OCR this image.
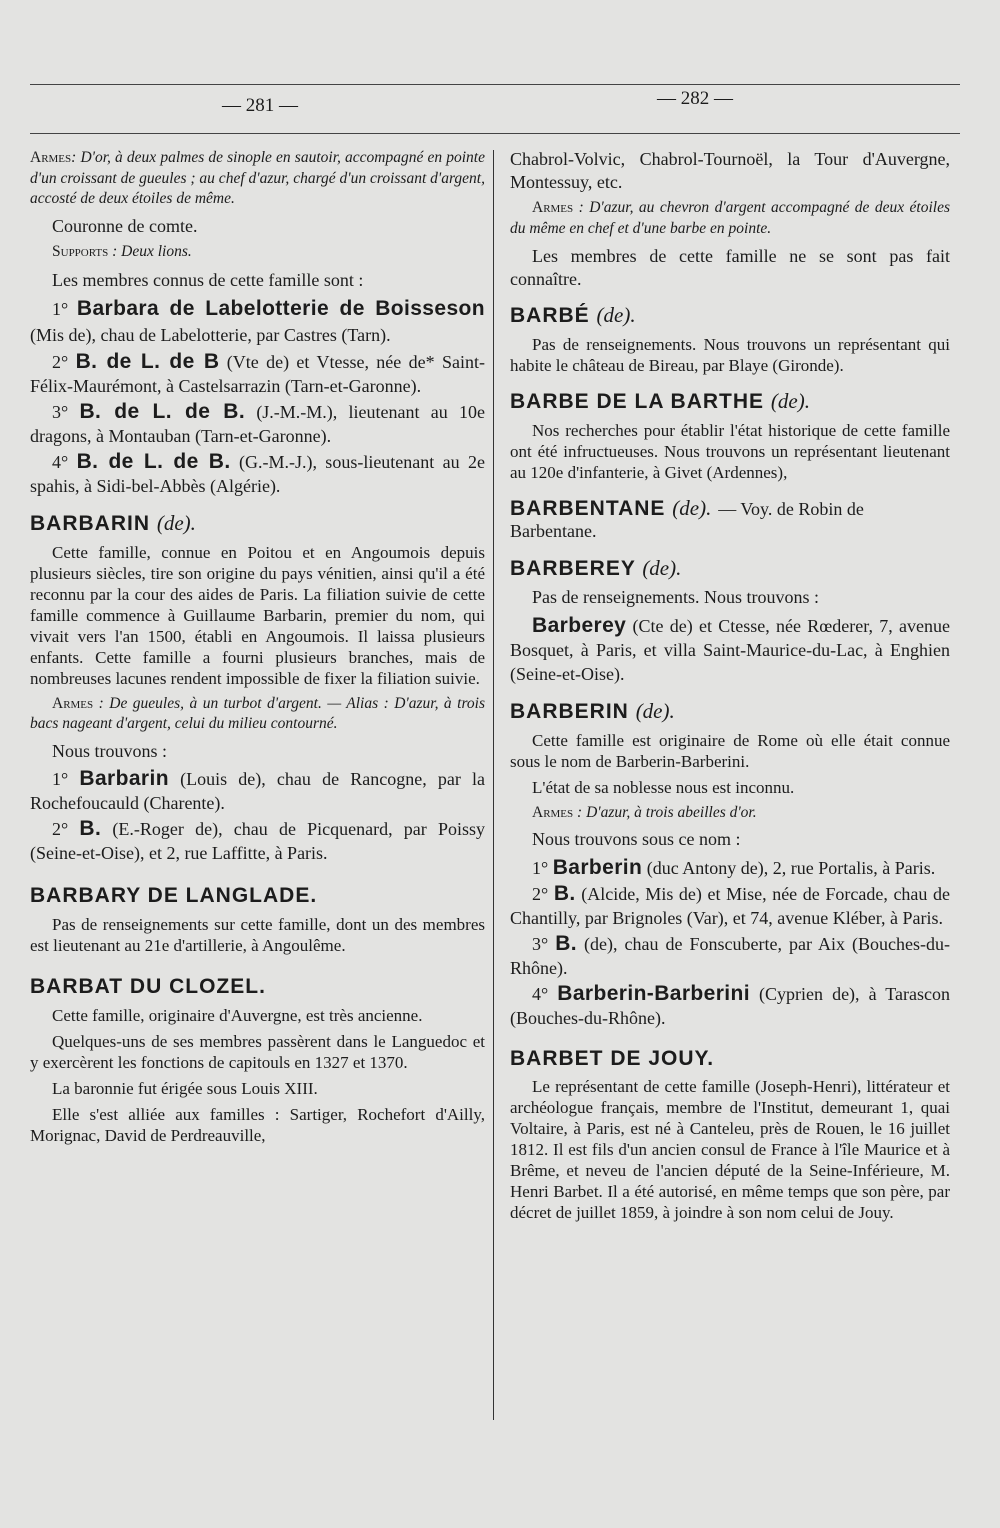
— 281 —	— 282 —

Armes: D'or, à deux palmes de sinople en sautoir, accompagné en pointe d'un croissant de gueules ; au chef d'azur, chargé d'un croissant d'argent, accosté de deux étoiles de même.

Couronne de comte.

Supports : Deux lions.

Les membres connus de cette famille sont :

1° Barbara de Labelotterie de Boisseson (Mis de), chau de Labelotterie, par Castres (Tarn).

2° B. de L. de B (Vte de) et Vtesse, née de* Saint-Félix-Maurémont, à Castelsarrazin (Tarn-et-Garonne).

3° B. de L. de B. (J.-M.-M.), lieutenant au 10e dragons, à Montauban (Tarn-et-Garonne).

4° B. de L. de B. (G.-M.-J.), sous-lieutenant au 2e spahis, à Sidi-bel-Abbès (Algérie).

BARBARIN (de).

Cette famille, connue en Poitou et en Angoumois depuis plusieurs siècles, tire son origine du pays vénitien, ainsi qu'il a été reconnu par la cour des aides de Paris. La filiation suivie de cette famille commence à Guillaume Barbarin, premier du nom, qui vivait vers l'an 1500, établi en Angoumois. Il laissa plusieurs enfants. Cette famille a fourni plusieurs branches, mais de nombreuses lacunes rendent impossible de fixer la filiation suivie.

Armes : De gueules, à un turbot d'argent. — Alias : D'azur, à trois bacs nageant d'argent, celui du milieu contourné.

Nous trouvons :

1° Barbarin (Louis de), chau de Rancogne, par la Rochefoucauld (Charente).

2° B. (E.-Roger de), chau de Picquenard, par Poissy (Seine-et-Oise), et 2, rue Laffitte, à Paris.

BARBARY DE LANGLADE.

Pas de renseignements sur cette famille, dont un des membres est lieutenant au 21e d'artillerie, à Angoulême.

BARBAT DU CLOZEL.

Cette famille, originaire d'Auvergne, est très ancienne.

Quelques-uns de ses membres passèrent dans le Languedoc et y exercèrent les fonctions de capitouls en 1327 et 1370.

La baronnie fut érigée sous Louis XIII.

Elle s'est alliée aux familles : Sartiger, Rochefort d'Ailly, Morignac, David de Perdreauville,

Chabrol-Volvic, Chabrol-Tournoël, la Tour d'Auvergne, Montessuy, etc.

Armes : D'azur, au chevron d'argent accompagné de deux étoiles du même en chef et d'une barbe en pointe.

Les membres de cette famille ne se sont pas fait connaître.

BARBÉ (de).

Pas de renseignements. Nous trouvons un représentant qui habite le château de Bireau, par Blaye (Gironde).

BARBE DE LA BARTHE (de).

Nos recherches pour établir l'état historique de cette famille ont été infructueuses. Nous trouvons un représentant lieutenant au 120e d'infanterie, à Givet (Ardennes),

BARBENTANE (de). — Voy. de Robin de Barbentane.
BARBEREY (de).

Pas de renseignements. Nous trouvons :

Barberey (Cte de) et Ctesse, née Rœderer, 7, avenue Bosquet, à Paris, et villa Saint-Maurice-du-Lac, à Enghien (Seine-et-Oise).

BARBERIN (de).

Cette famille est originaire de Rome où elle était connue sous le nom de Barberin-Barberini.

L'état de sa noblesse nous est inconnu.

Armes : D'azur, à trois abeilles d'or.

Nous trouvons sous ce nom :

1° Barberin (duc Antony de), 2, rue Portalis, à Paris.

2° B. (Alcide, Mis de) et Mise, née de Forcade, chau de Chantilly, par Brignoles (Var), et 74, avenue Kléber, à Paris.

3° B. (de), chau de Fonscuberte, par Aix (Bouches-du-Rhône).

4° Barberin-Barberini (Cyprien de), à Tarascon (Bouches-du-Rhône).

BARBET DE JOUY.

Le représentant de cette famille (Joseph-Henri), littérateur et archéologue français, membre de l'Institut, demeurant 1, quai Voltaire, à Paris, est né à Canteleu, près de Rouen, le 16 juillet 1812. Il est fils d'un ancien consul de France à l'île Maurice et à Brême, et neveu de l'ancien député de la Seine-Inférieure, M. Henri Barbet. Il a été autorisé, en même temps que son père, par décret de juillet 1859, à joindre à son nom celui de Jouy.
